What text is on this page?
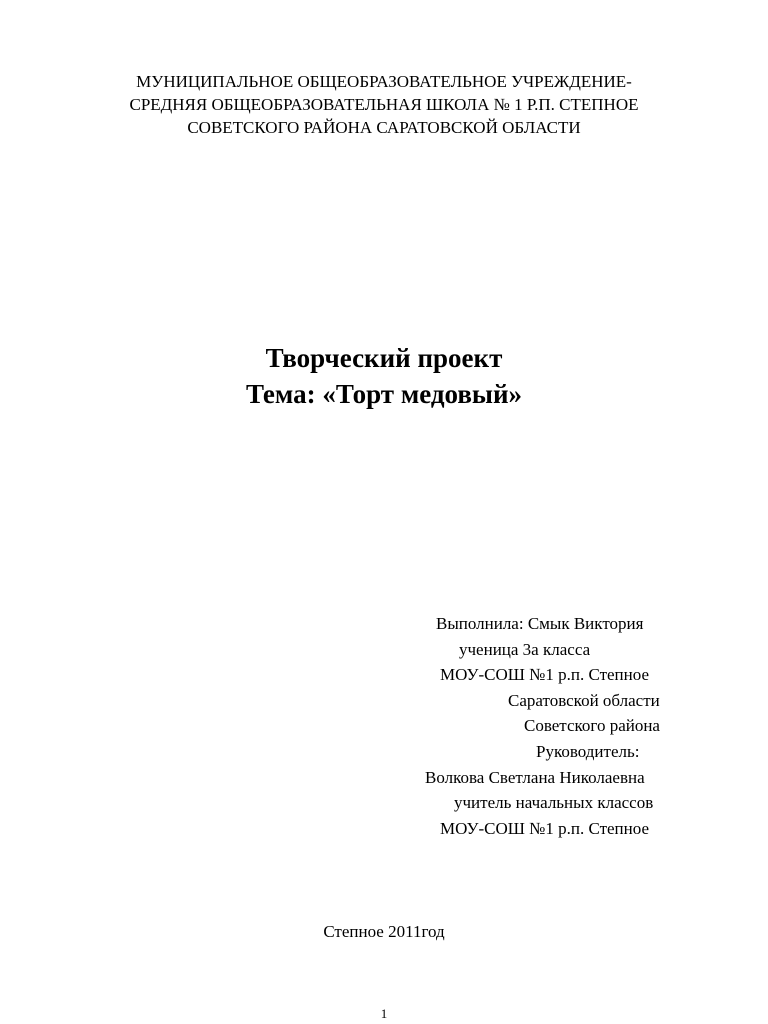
МУНИЦИПАЛЬНОЕ ОБЩЕОБРАЗОВАТЕЛЬНОЕ УЧРЕЖДЕНИЕ-
СРЕДНЯЯ ОБЩЕОБРАЗОВАТЕЛЬНАЯ ШКОЛА № 1 Р.П. СТЕПНОЕ
СОВЕТСКОГО РАЙОНА САРАТОВСКОЙ ОБЛАСТИ
Творческий проект
Тема: «Торт медовый»
Выполнила: Смык Виктория
ученица 3а класса
МОУ-СОШ №1 р.п. Степное
Саратовской области
Советского района
Руководитель:
Волкова Светлана Николаевна
учитель начальных классов
МОУ-СОШ №1 р.п. Степное
Степное 2011год
1
